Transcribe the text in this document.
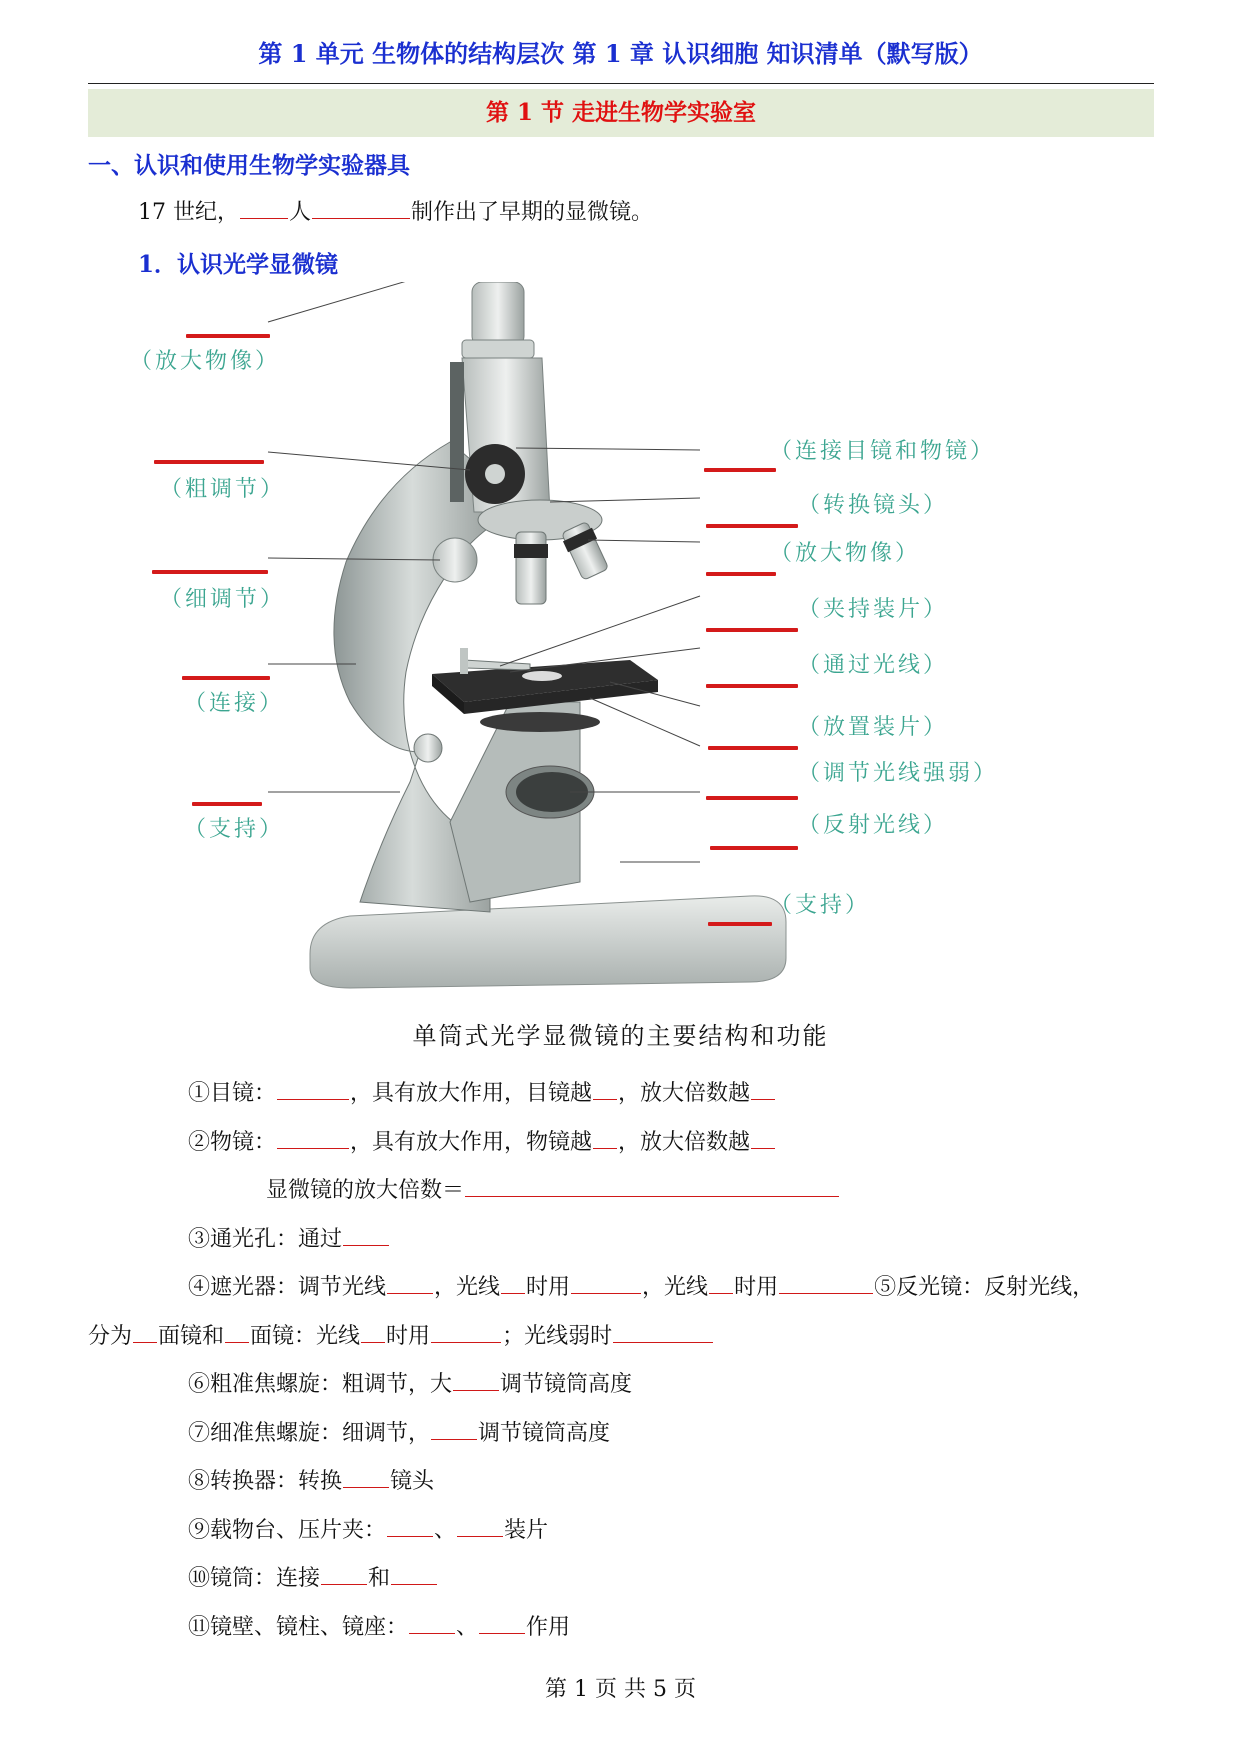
第 1 单元 生物体的结构层次 第 1 章 认识细胞 知识清单（默写版）
第 1 节 走进生物学实验室
一、认识和使用生物学实验器具
17 世纪， 人	制作出了早期的显微镜。
1．认识光学显微镜
（放大物像）
（粗调节）
（细调节）
（连接）
（支持）
（连接目镜和物镜）
（转换镜头）
（放大物像）
（夹持装片）
（通过光线）
（放置装片）
（调节光线强弱）
（反射光线）
（支持）
单筒式光学显微镜的主要结构和功能
①目镜：	，具有放大作用，目镜越 ，放大倍数越
②物镜：	，具有放大作用，物镜越 ，放大倍数越
显微镜的放大倍数＝
③通光孔：通过
④遮光器：调节光线 ，光线 时用	，光线 时用	⑤反光镜：反射光线，
分为 面镜和 面镜：光线 时用	；光线弱时
⑥粗准焦螺旋：粗调节，大 调节镜筒高度
⑦细准焦螺旋：细调节， 调节镜筒高度
⑧转换器：转换 镜头
⑨载物台、压片夹： 、 装片
⑩镜筒：连接 和
⑪镜壁、镜柱、镜座： 、 作用
第 1 页 共 5 页
